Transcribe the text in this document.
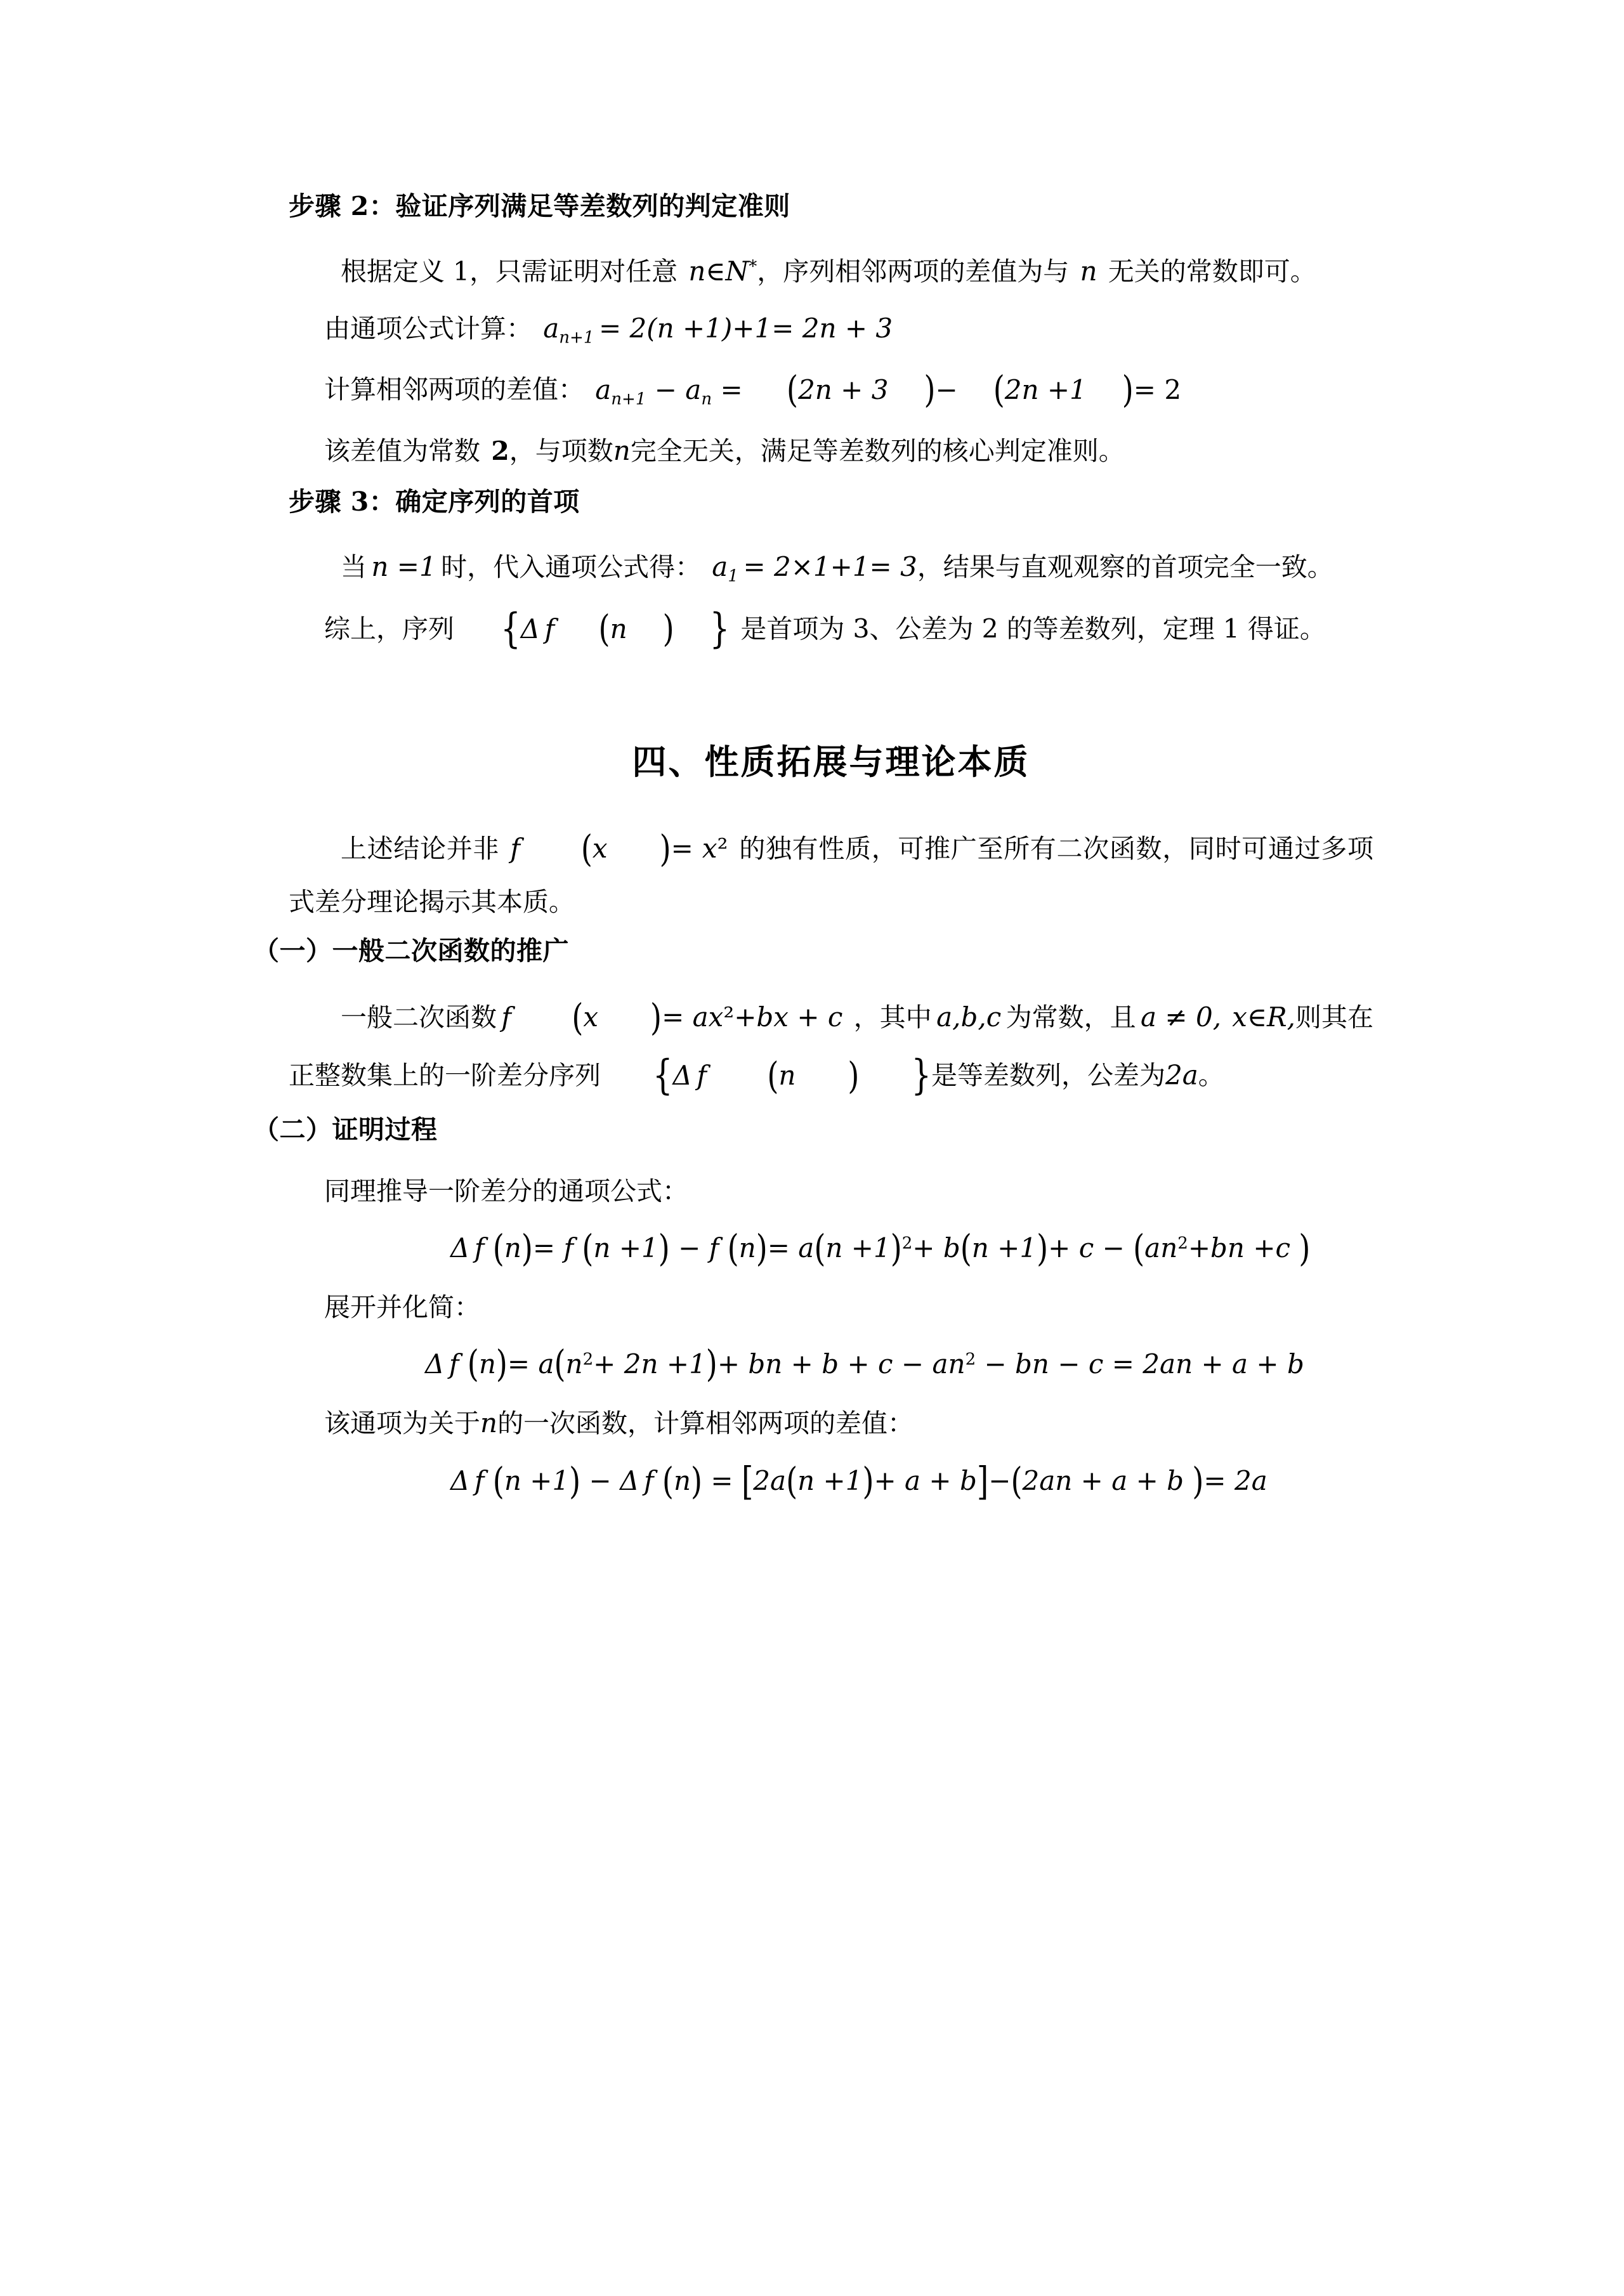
步骤 2：验证序列满足等差数列的判定准则

根据定义 1，只需证明对任意 n∈N*，序列相邻两项的差值为与 n 无关的常数即可。

由通项公式计算： $a_{n+1} = 2(n +1)+1= 2n + 3$

计算相邻两项的差值： $a_{n+1} - a_n = (2n + 3$ )− (2n +1 )= 2

该差值为常数 2，与项数n完全无关，满足等差数列的核心判定准则。

步骤 3：确定序列的首项

当 n =1 时，代入通项公式得： $a_1 = 2\times 1+1= 3$，结果与直观观察的首项完全一致。

综上，序列 {Δ f (n ) } 是首项为 3、公差为 2 的等差数列，定理 1 得证。

四、性质拓展与理论本质

上述结论并非 f (x )= x² 的独有性质，可推广至所有二次函数，同时可通过多项式差分理论揭示其本质。

（一）一般二次函数的推广

一般二次函数 f (x )= ax²+bx + c ，其中 a,b,c 为常数，且 a ≠ 0, x∈R,则其在正整数集上的一阶差分序列 {Δ f (n ) }是等差数列，公差为2a。

（二）证明过程

同理推导一阶差分的通项公式：

Δ f (n)= f (n +1) − f $(n)= a(n +1)^2+ b(n +1)+ c - (an^2+bn +c$ )

展开并化简：

Δ f $(n)= a(n^2+ 2n +1)+$ bn + $b + c - an^2$ − bn − c = 2an + a + b

该通项为关于n的一次函数，计算相邻两项的差值：

Δ f (n +1) − Δ f (n) = [2a(n +1)+ a + b]−(2an + a + b )= 2a
